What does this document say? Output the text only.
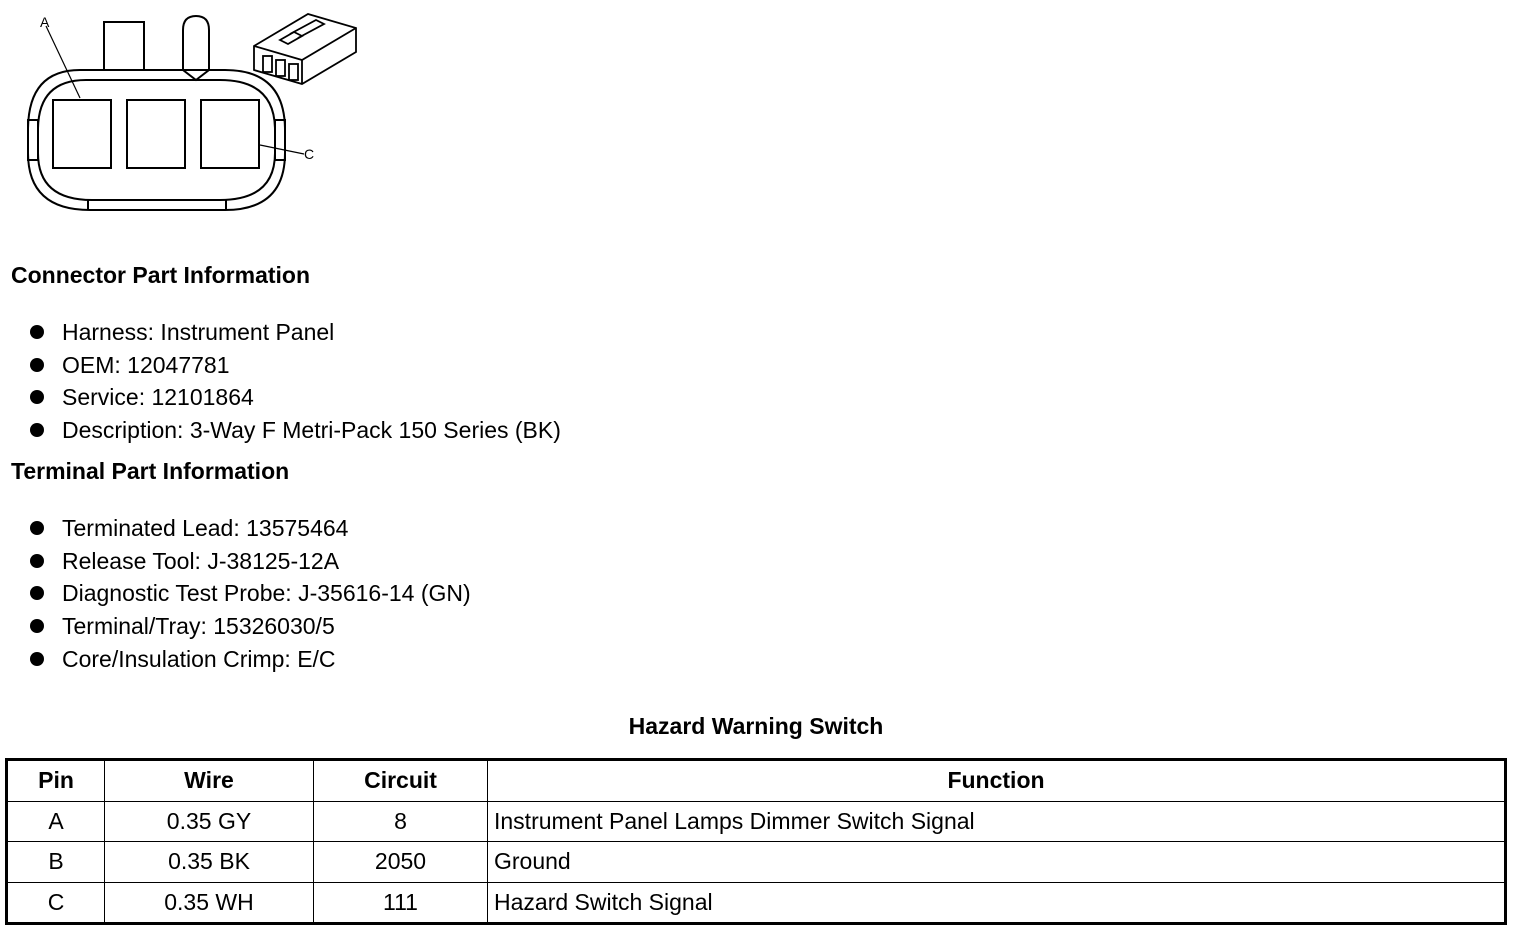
A
C
Connector Part Information
Harness: Instrument Panel
OEM: 12047781
Service: 12101864
Description: 3-Way F Metri-Pack 150 Series (BK)
Terminal Part Information
Terminated Lead: 13575464
Release Tool: J-38125-12A
Diagnostic Test Probe: J-35616-14 (GN)
Terminal/Tray: 15326030/5
Core/Insulation Crimp: E/C
Hazard Warning Switch
Pin	Wire	Circuit	Function
A	0.35 GY	8	Instrument Panel Lamps Dimmer Switch Signal
B	0.35 BK	2050	Ground
C	0.35 WH	111	Hazard Switch Signal
